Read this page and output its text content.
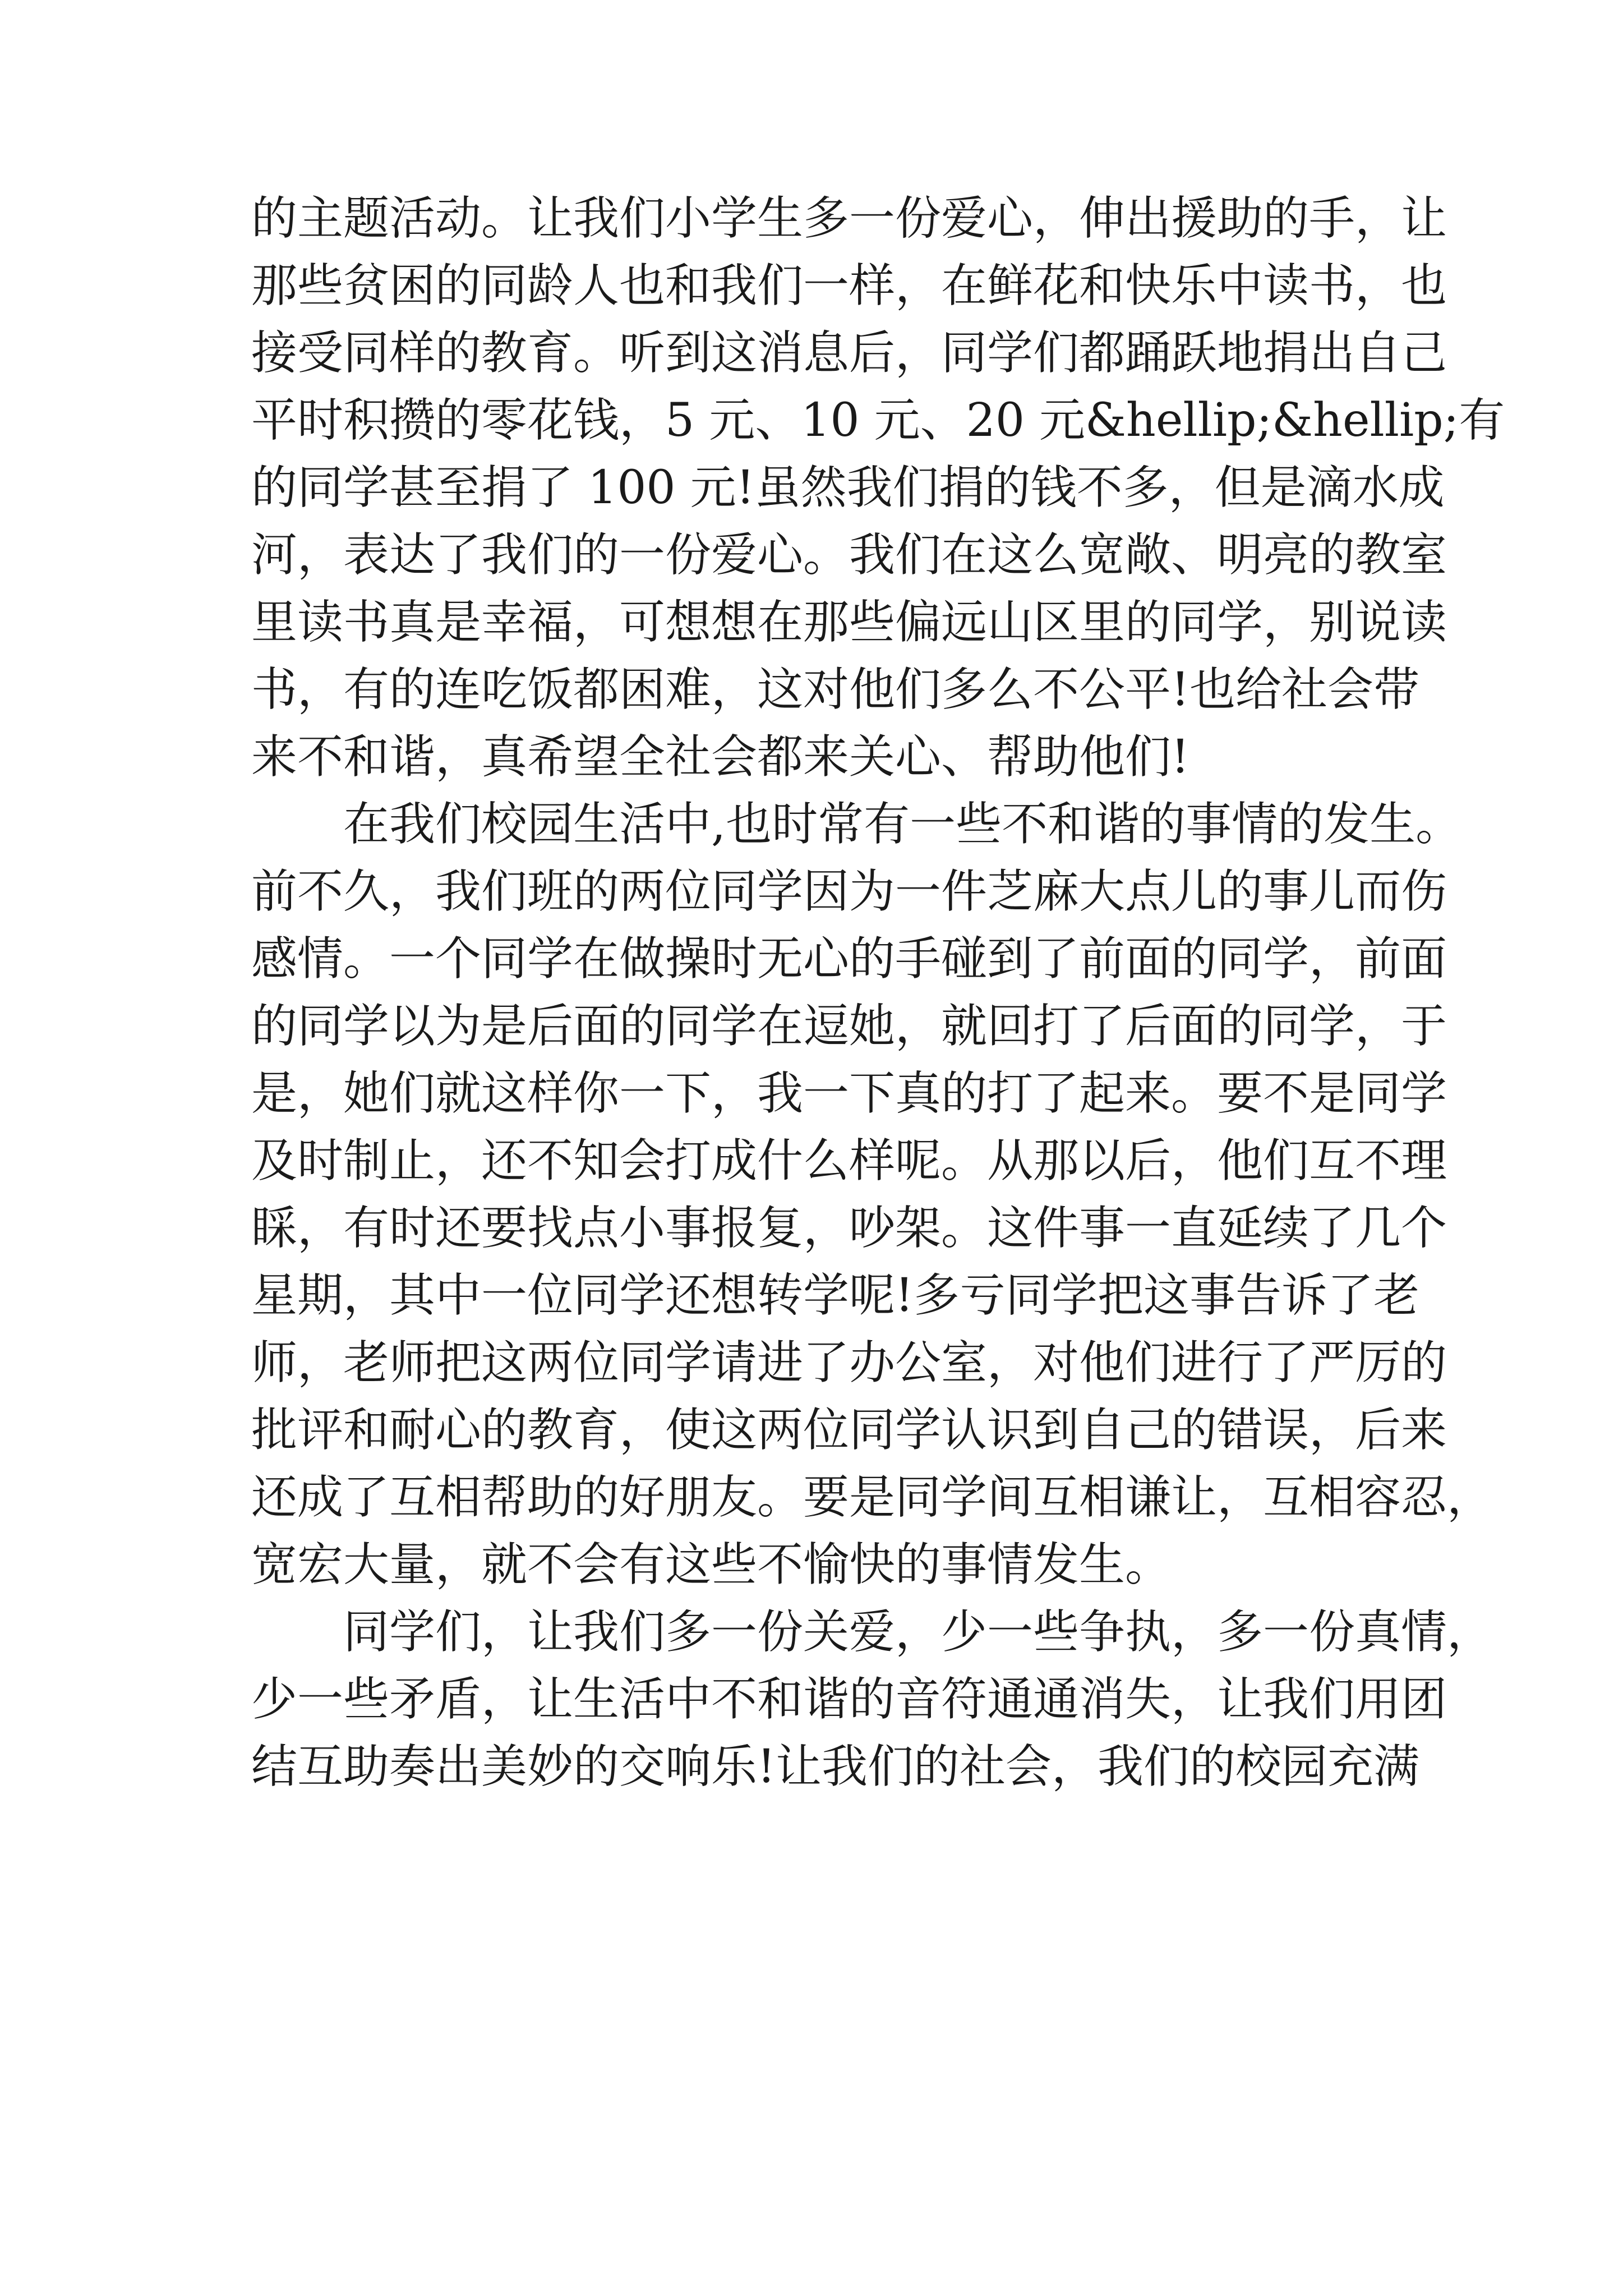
的主题活动。让我们小学生多一份爱心，伸出援助的手，让
那些贫困的同龄人也和我们一样，在鲜花和快乐中读书，也
接受同样的教育。听到这消息后，同学们都踊跃地捐出自己
平时积攒的零花钱，5 元、10 元、20 元&hellip;&hellip;有
的同学甚至捐了 100 元!虽然我们捐的钱不多，但是滴水成
河，表达了我们的一份爱心。我们在这么宽敞、明亮的教室
里读书真是幸福，可想想在那些偏远山区里的同学，别说读
书，有的连吃饭都困难，这对他们多么不公平!也给社会带
来不和谐，真希望全社会都来关心、帮助他们!
在我们校园生活中,也时常有一些不和谐的事情的发生。
前不久，我们班的两位同学因为一件芝麻大点儿的事儿而伤
感情。一个同学在做操时无心的手碰到了前面的同学，前面
的同学以为是后面的同学在逗她，就回打了后面的同学，于
是，她们就这样你一下，我一下真的打了起来。要不是同学
及时制止，还不知会打成什么样呢。从那以后，他们互不理
睬，有时还要找点小事报复，吵架。这件事一直延续了几个
星期，其中一位同学还想转学呢!多亏同学把这事告诉了老
师，老师把这两位同学请进了办公室，对他们进行了严厉的
批评和耐心的教育，使这两位同学认识到自己的错误，后来
还成了互相帮助的好朋友。要是同学间互相谦让，互相容忍，
宽宏大量，就不会有这些不愉快的事情发生。
同学们，让我们多一份关爱，少一些争执，多一份真情，
少一些矛盾，让生活中不和谐的音符通通消失，让我们用团
结互助奏出美妙的交响乐!让我们的社会，我们的校园充满
